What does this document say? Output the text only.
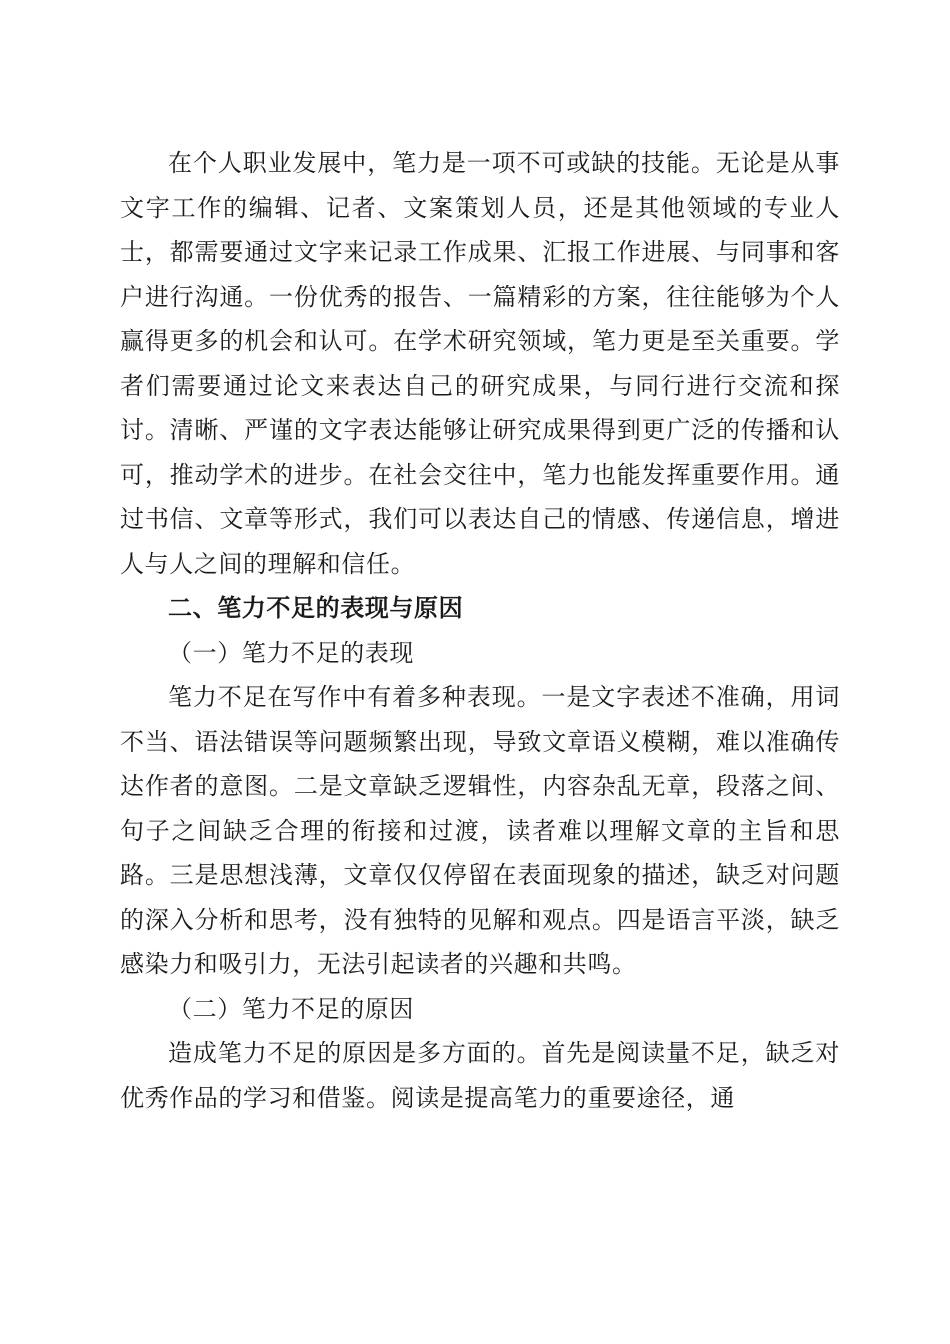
在个人职业发展中，笔力是一项不可或缺的技能。无论是从事文字工作的编辑、记者、文案策划人员，还是其他领域的专业人士，都需要通过文字来记录工作成果、汇报工作进展、与同事和客户进行沟通。一份优秀的报告、一篇精彩的方案，往往能够为个人赢得更多的机会和认可。在学术研究领域，笔力更是至关重要。学者们需要通过论文来表达自己的研究成果，与同行进行交流和探讨。清晰、严谨的文字表达能够让研究成果得到更广泛的传播和认可，推动学术的进步。在社会交往中，笔力也能发挥重要作用。通过书信、文章等形式，我们可以表达自己的情感、传递信息，增进人与人之间的理解和信任。

二、笔力不足的表现与原因

（一）笔力不足的表现

笔力不足在写作中有着多种表现。一是文字表述不准确，用词不当、语法错误等问题频繁出现，导致文章语义模糊，难以准确传达作者的意图。二是文章缺乏逻辑性，内容杂乱无章，段落之间、句子之间缺乏合理的衔接和过渡，读者难以理解文章的主旨和思路。三是思想浅薄，文章仅仅停留在表面现象的描述，缺乏对问题的深入分析和思考，没有独特的见解和观点。四是语言平淡，缺乏感染力和吸引力，无法引起读者的兴趣和共鸣。

（二）笔力不足的原因

造成笔力不足的原因是多方面的。首先是阅读量不足，缺乏对优秀作品的学习和借鉴。阅读是提高笔力的重要途径，通
